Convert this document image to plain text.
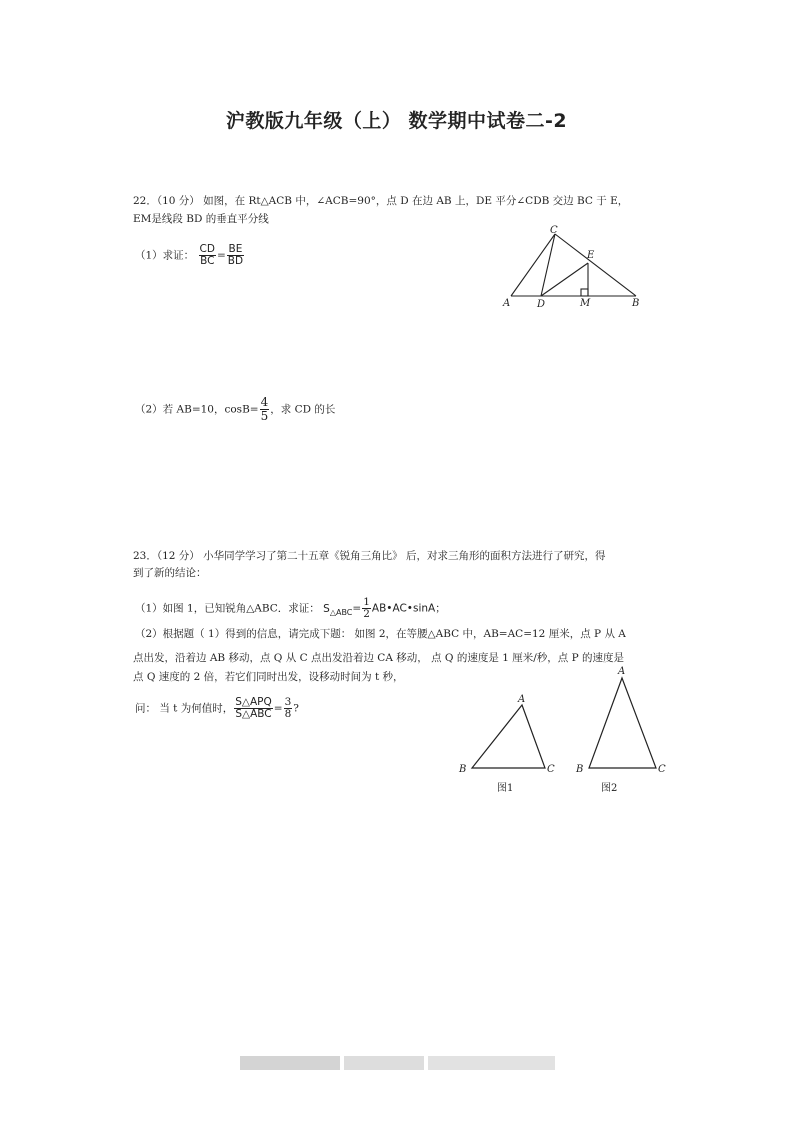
沪教版九年级（上） 数学期中试卷二-2
22．（10 分） 如图，在 Rt△ACB 中，∠ACB=90°，点 D 在边 AB 上，DE 平分∠CDB 交边 BC 于 E，
EM是线段 BD 的垂直平分线
（1）求证： $\frac{CD}{BC} = \frac{BE}{BD}$
C
E
A	D	M	B
（2）若 AB=10，$\cos B= \frac{4}{5}$ ，求 CD 的长
23．（12 分） 小华同学学习了第二十五章《锐角三角比》 后，对求三角形的面积方法进行了研究，得
到了新的结论：
（1）如图 1，已知锐角△ABC．求证： $S_{\triangle ABC}= \frac{1}{2}$ AB•AC•sinA；
（2）根据题（ 1）得到的信息，请完成下题： 如图 2，在等腰△ABC 中，AB=AC=12 厘米，点 P 从 A
点出发，沿着边 AB 移动，点 Q 从 C 点出发沿着边 CA 移动， 点 Q 的速度是 1 厘米/秒，点 P 的速度是
点 Q 速度的 2 倍，若它们同时出发，设移动时间为 t 秒，
问： 当 t 为何值时， $\frac{\text{S△APQ}}{\text{S△ABC}} = \frac{3}{8}$ ?
A
B	C
图1
A
B	C
图2
